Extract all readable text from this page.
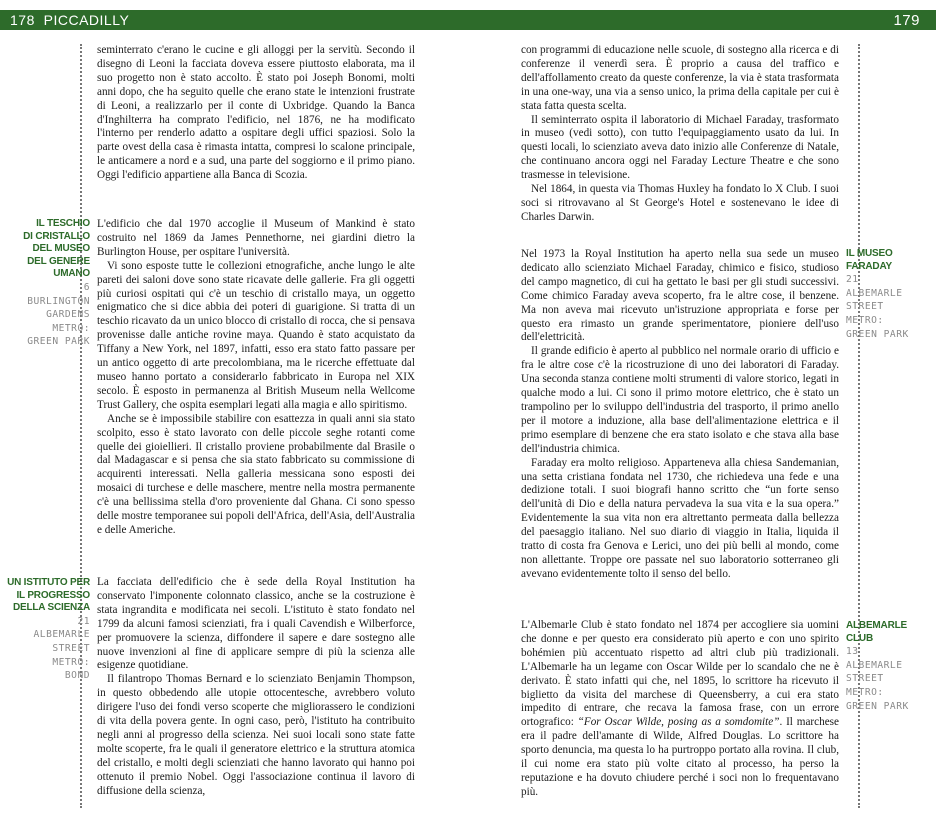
178  PICCADILLY	179

seminterrato c'erano le cucine e gli alloggi per la servitù. Secondo il disegno di Leoni la facciata doveva essere piuttosto elaborata, ma il suo progetto non è stato accolto. È stato poi Joseph Bonomi, molti anni dopo, che ha seguito quelle che erano state le intenzioni frustrate di Leoni, a realizzarlo per il conte di Uxbridge. Quando la Banca d'Inghilterra ha comprato l'edificio, nel 1876, ne ha modificato l'interno per renderlo adatto a ospitare degli uffici spaziosi. Solo la parte ovest della casa è rimasta intatta, compresi lo scalone principale, le anticamere a nord e a sud, una parte del soggiorno e il primo piano. Oggi l'edificio appartiene alla Banca di Scozia.

L'edificio che dal 1970 accoglie il Museum of Mankind è stato costruito nel 1869 da James Pennethorne, nei giardini dietro la Burlington House, per ospitare l'università.

Vi sono esposte tutte le collezioni etnografiche, anche lungo le alte pareti dei saloni dove sono state ricavate delle gallerie. Fra gli oggetti più curiosi ospitati qui c'è un teschio di cristallo maya, un oggetto enigmatico che si dice abbia dei poteri di guarigione. Si tratta di un teschio ricavato da un unico blocco di cristallo di rocca, che si pensava provenisse dalle antiche rovine maya. Quando è stato acquistato da Tiffany a New York, nel 1897, infatti, esso era stato fatto passare per un antico oggetto di arte precolombiana, ma le ricerche effettuate dal museo hanno portato a considerarlo fabbricato in Europa nel XIX secolo. È esposto in permanenza al British Museum nella Wellcome Trust Gallery, che ospita esemplari legati alla magia e allo spiritismo.

Anche se è impossibile stabilire con esattezza in quali anni sia stato scolpito, esso è stato lavorato con delle piccole seghe rotanti come quelle dei gioiellieri. Il cristallo proviene probabilmente dal Brasile o dal Madagascar e si pensa che sia stato fabbricato su commissione di acquirenti interessati. Nella galleria messicana sono esposti dei mosaici di turchese e delle maschere, mentre nella mostra permanente c'è una bellissima stella d'oro proveniente dal Ghana. Ci sono spesso delle mostre temporanee sui popoli dell'Africa, dell'Asia, dell'Australia e delle Americhe.

La facciata dell'edificio che è sede della Royal Institution ha conservato l'imponente colonnato classico, anche se la costruzione è stata ingrandita e modificata nei secoli. L'istituto è stato fondato nel 1799 da alcuni famosi scienziati, fra i quali Cavendish e Wilberforce, per promuovere la scienza, diffondere il sapere e dare sostegno alle nuove invenzioni al fine di applicare sempre di più la scienza alle esigenze quotidiane.

Il filantropo Thomas Bernard e lo scienziato Benjamin Thompson, in questo obbedendo alle utopie ottocentesche, avrebbero voluto dirigere l'uso dei fondi verso scoperte che migliorassero le condizioni di vita della povera gente. In ogni caso, però, l'istituto ha contribuito negli anni al progresso della scienza. Nei suoi locali sono state fatte molte scoperte, fra le quali il generatore elettrico e la struttura atomica del cristallo, e molti degli scienziati che hanno lavorato qui hanno poi ottenuto il premio Nobel. Oggi l'associazione continua il lavoro di diffusione della scienza,

IL TESCHIO
DI CRISTALLO
DEL MUSEO
DEL GENERE
UMANO
6
BURLINGTON
GARDENS
METRO:
GREEN PARK
UN ISTITUTO PER
IL PROGRESSO
DELLA SCIENZA
21
ALBEMARLE
STREET
METRO:
BOND

con programmi di educazione nelle scuole, di sostegno alla ricerca e di conferenze il venerdì sera. È proprio a causa del traffico e dell'affollamento creato da queste conferenze, la via è stata trasformata in una one-way, una via a senso unico, la prima della capitale per cui è stata fatta questa scelta.

Il seminterrato ospita il laboratorio di Michael Faraday, trasformato in museo (vedi sotto), con tutto l'equipaggiamento usato da lui. In questi locali, lo scienziato aveva dato inizio alle Conferenze di Natale, che continuano ancora oggi nel Faraday Lecture Theatre e che sono trasmesse in televisione.

Nel 1864, in questa via Thomas Huxley ha fondato lo X Club. I suoi soci si ritrovavano al St George's Hotel e sostenevano le idee di Charles Darwin.

Nel 1973 la Royal Institution ha aperto nella sua sede un museo dedicato allo scienziato Michael Faraday, chimico e fisico, studioso del campo magnetico, di cui ha gettato le basi per gli studi successivi. Come chimico Faraday aveva scoperto, fra le altre cose, il benzene. Ma non aveva mai ricevuto un'istruzione appropriata e forse per questo era rimasto un grande sperimentatore, pioniere dell'uso dell'elettricità.

Il grande edificio è aperto al pubblico nel normale orario di ufficio e fra le altre cose c'è la ricostruzione di uno dei laboratori di Faraday. Una seconda stanza contiene molti strumenti di valore storico, legati in qualche modo a lui. Ci sono il primo motore elettrico, che è stato un trampolino per lo sviluppo dell'industria del trasporto, il primo anello per il motore a induzione, alla base dell'alimentazione elettrica e il primo esemplare di benzene che era stato isolato e che stava alla base dell'industria chimica.

Faraday era molto religioso. Apparteneva alla chiesa Sandemanian, una setta cristiana fondata nel 1730, che richiedeva una fede e una dedizione totali. I suoi biografi hanno scritto che “un forte senso dell'unità di Dio e della natura pervadeva la sua vita e la sua opera.” Evidentemente la sua vita non era altrettanto permeata dalla bellezza del paesaggio italiano. Nel suo diario di viaggio in Italia, liquida il tratto di costa fra Genova e Lerici, uno dei più belli al mondo, come non allettante. Troppe ore passate nel suo laboratorio sotterraneo gli avevano evidentemente tolto il senso del bello.

L'Albemarle Club è stato fondato nel 1874 per accogliere sia uomini che donne e per questo era considerato più aperto e con uno spirito bohémien più accentuato rispetto ad altri club più tradizionali. L'Albemarle ha un legame con Oscar Wilde per lo scandalo che ne è derivato. È stato infatti qui che, nel 1895, lo scrittore ha ricevuto il biglietto da visita del marchese di Queensberry, a cui era stato impedito di entrare, che recava la famosa frase, con un errore ortografico: “For Oscar Wilde, posing as a somdomite”. Il marchese era il padre dell'amante di Wilde, Alfred Douglas. Lo scrittore ha sporto denuncia, ma questa lo ha purtroppo portato alla rovina. Il club, il cui nome era stato più volte citato al processo, ha perso la reputazione e ha dovuto chiudere perché i soci non lo frequentavano più.

IL MUSEO
FARADAY
21
ALBEMARLE
STREET
METRO:
GREEN PARK
ALBEMARLE
CLUB
13
ALBEMARLE
STREET
METRO:
GREEN PARK
